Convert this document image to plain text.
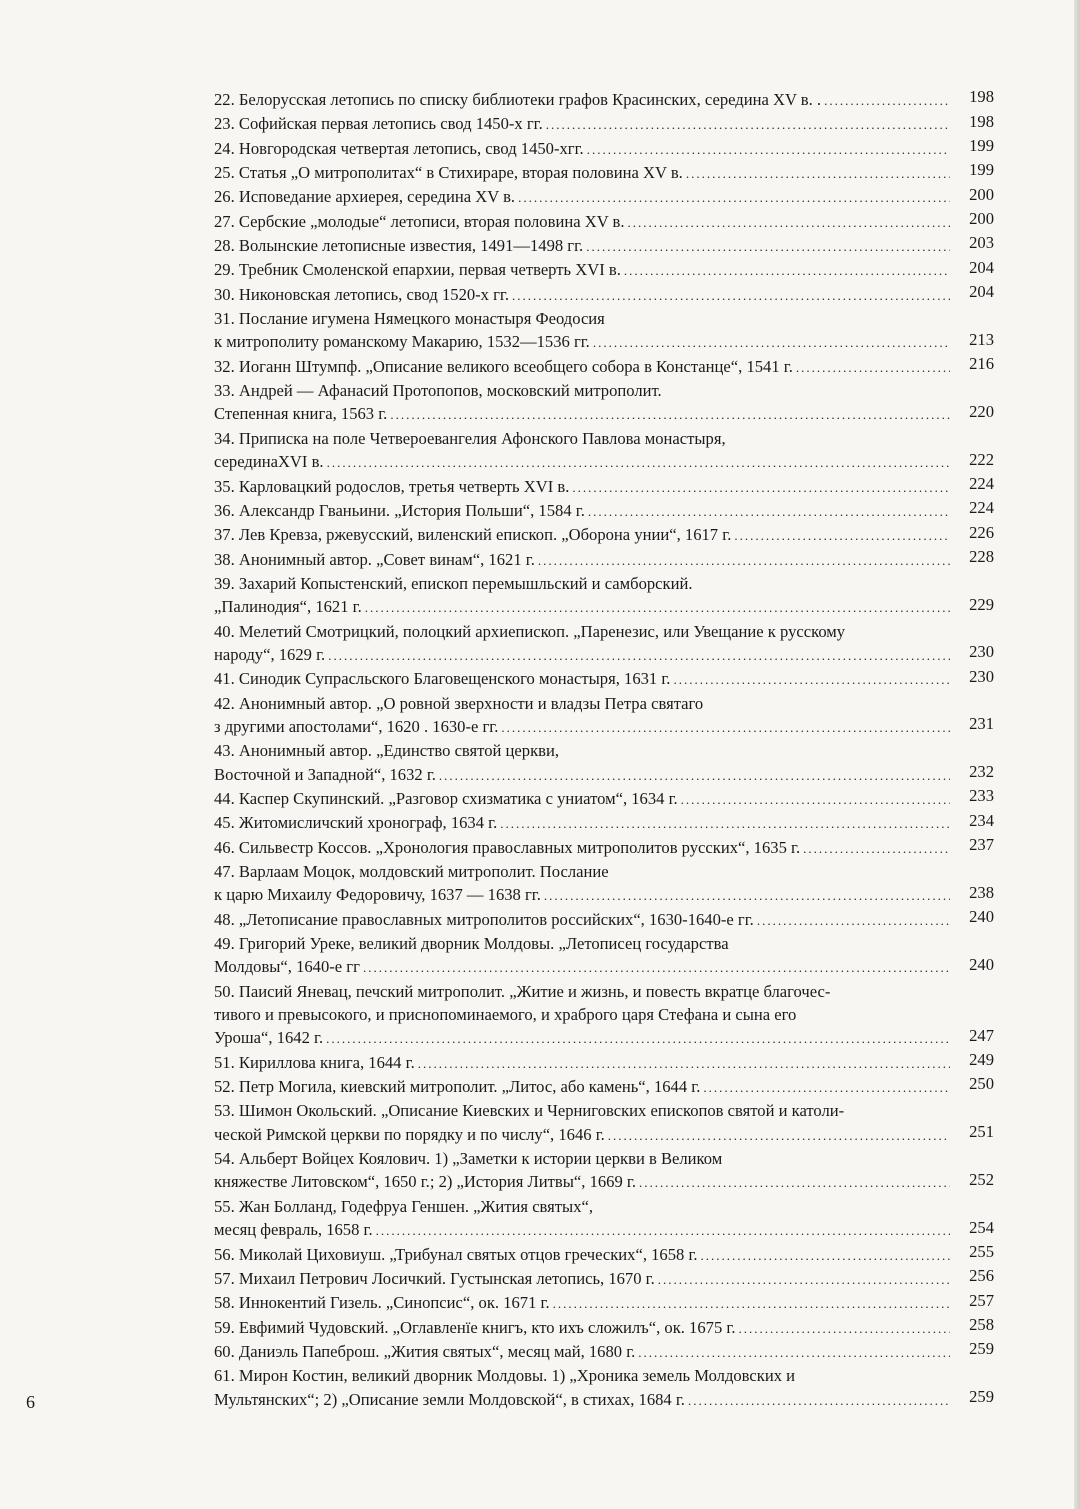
22. Белорусская летопись по списку библиотеки графов Красинских, середина XV в. . .....	198
23. Софийская первая летопись свод 1450-х гг. .....	198
24. Новгородская четвертая летопись, свод 1450-хгг. .....	199
25. Статья „О митрополитах“ в Стихираре, вторая половина XV в. .....	199
26. Исповедание архиерея, середина XV в. .....	200
27. Сербские „молодые“ летописи, вторая половина XV в. .....	200
28. Волынские летописные известия, 1491—1498 гг. .....	203
29. Требник Смоленской епархии, первая четверть XVI в. .....	204
30. Никоновская летопись, свод 1520-х гг. .....	204
31. Послание игумена Нямецкого монастыря Феодосия
к митрополиту романскому Макарию, 1532—1536 гг. .....	213
32. Иоганн Штумпф. „Описание великого всеобщего собора в Констанце“, 1541 г. .....	216
33. Андрей — Афанасий Протопопов, московский митрополит.
Степенная книга, 1563 г. .....	220
34. Приписка на поле Четвероевангелия Афонского Павлова монастыря,
серединаXVI в. .....	222
35. Карловацкий родослов, третья четверть XVI в. .....	224
36. Александр Гваньини. „История Польши“, 1584 г. .....	224
37. Лев Кревза, ржевусский, виленский епископ. „Оборона унии“, 1617 г. .....	226
38. Анонимный автор. „Совет винам“, 1621 г. .....	228
39. Захарий Копыстенский, епископ перемышльский и самборский.
„Палинодия“, 1621 г. .....	229
40. Мелетий Смотрицкий, полоцкий архиепископ. „Паренезис, или Увещание к русскому
народу“, 1629 г. .....	230
41. Синодик Супрасльского Благовещенского монастыря, 1631 г. .....	230
42. Анонимный автор. „О ровной зверхности и владзы Петра святаго
з другими апостолами“, 1620 . 1630-е гг. .....	231
43. Анонимный автор. „Единство святой церкви,
Восточной и Западной“, 1632 г. .....	232
44. Каспер Скупинский. „Разговор схизматика с униатом“, 1634 г. .....	233
45. Житомисличский хронограф, 1634 г. .....	234
46. Сильвестр Коссов. „Хронология православных митрополитов русских“, 1635 г. .....	237
47. Варлаам Моцок, молдовский митрополит. Послание
к царю Михаилу Федоровичу, 1637 — 1638 гг. .....	238
48. „Летописание православных митрополитов российских“, 1630-1640-е гг. .....	240
49. Григорий Уреке, великий дворник Молдовы. „Летописец государства
Молдовы“, 1640-е гг .....	240
50. Паисий Яневац, печский митрополит. „Житие и жизнь, и повесть вкратце благочес-
тивого и превысокого, и приснопоминаемого, и храброго царя Стефана и сына его
Уроша“, 1642 г. .....	247
51. Кириллова книга, 1644 г. .....	249
52. Петр Могила, киевский митрополит. „Литос, або камень“, 1644 г. .....	250
53. Шимон Окольский. „Описание Киевских и Черниговских епископов святой и католи-
ческой Римской церкви по порядку и по числу“, 1646 г. .....	251
54. Альберт Войцех Коялович. 1) „Заметки к истории церкви в Великом
княжестве Литовском“, 1650 г.; 2) „История Литвы“, 1669 г. .....	252
55. Жан Болланд, Годефруа Геншен. „Жития святых“,
месяц февраль, 1658 г. .....	254
56. Миколай Циховиуш. „Трибунал святых отцов греческих“, 1658 г. .....	255
57. Михаил Петрович Лосичкий. Густынская летопись, 1670 г. .....	256
58. Иннокентий Гизель. „Синопсис“, ок. 1671 г. .....	257
59. Евфимий Чудовский. „Оглавленїе книгъ, кто ихъ сложилъ“, ок. 1675 г. .....	258
60. Даниэль Папеброш. „Жития святых“, месяц май, 1680 г. .....	259
61. Мирон Костин, великий дворник Молдовы. 1) „Хроника земель Молдовских и
Мультянских“; 2) „Описание земли Молдовской“, в стихах, 1684 г. .....	259
6
